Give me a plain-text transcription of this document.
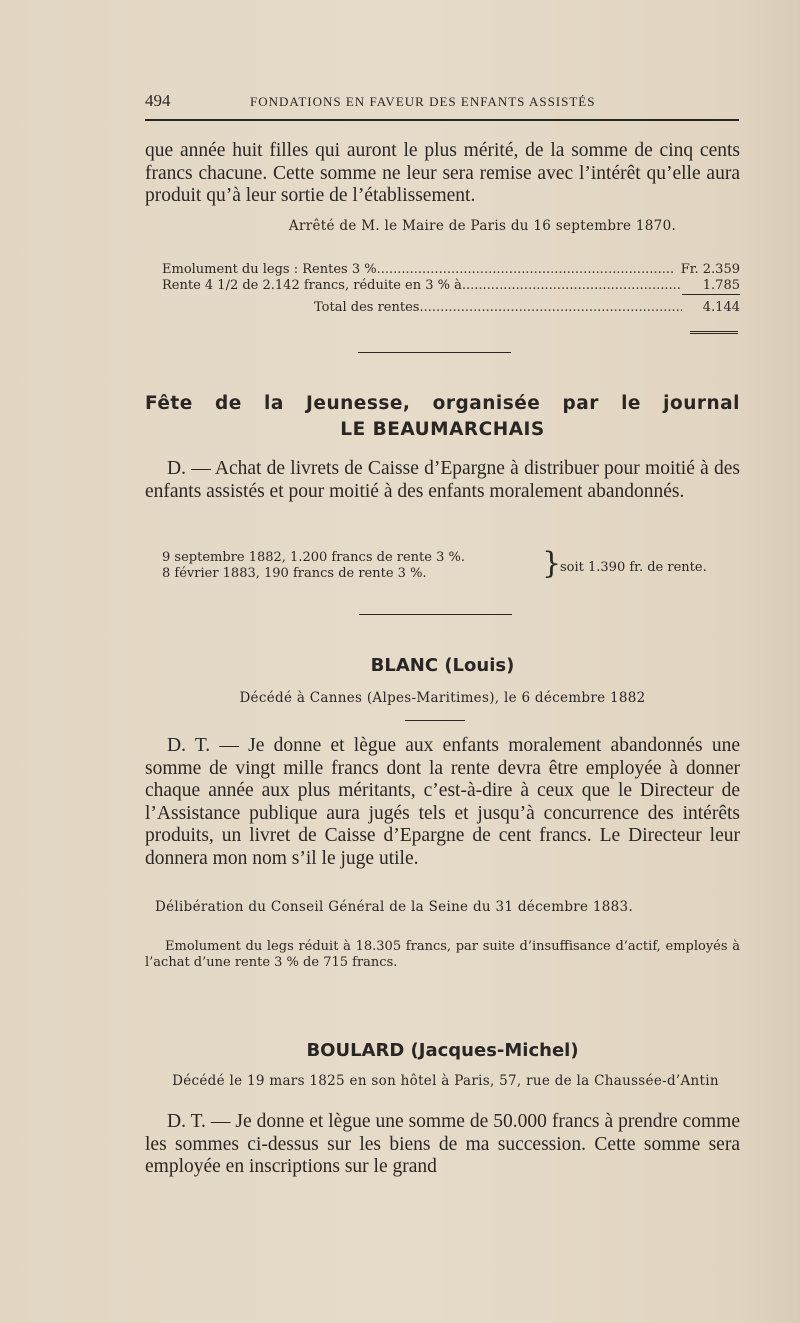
494	FONDATIONS EN FAVEUR DES ENFANTS ASSISTÉS

que année huit filles qui auront le plus mérité, de la somme de cinq cents francs chacune. Cette somme ne leur sera remise avec l’intérêt qu’elle aura produit qu’à leur sortie de l’établissement.

Arrêté de M. le Maire de Paris du 16 septembre 1870.
Emolument du legs : Rentes 3 % .....	Fr. 2.359
Rente 4 1/2 de 2.142 francs, réduite en 3 % à .....	1.785
Total des rentes .....	4.144
Fête de la Jeunesse, organisée par le journal
LE BEAUMARCHAIS

D. — Achat de livrets de Caisse d’Epargne à distribuer pour moitié à des enfants assistés et pour moitié à des enfants moralement abandonnés.

9 septembre 1882, 1.200 francs de rente 3 %.
8 février 1883, 190 francs de rente 3 %.	}
soit 1.390 fr. de rente.
BLANC (Louis)
Décédé à Cannes (Alpes-Maritimes), le 6 décembre 1882

D. T. — Je donne et lègue aux enfants moralement abandonnés une somme de vingt mille francs dont la rente devra être employée à donner chaque année aux plus méritants, c’est-à-dire à ceux que le Directeur de l’Assistance publique aura jugés tels et jusqu’à concurrence des intérêts produits, un livret de Caisse d’Epargne de cent francs. Le Directeur leur donnera mon nom s’il le juge utile.

Délibération du Conseil Général de la Seine du 31 décembre 1883.

Emolument du legs réduit à 18.305 francs, par suite d’insuffisance d’actif, employés à l’achat d’une rente 3 % de 715 francs.

BOULARD (Jacques-Michel)
Décédé le 19 mars 1825 en son hôtel à Paris, 57, rue de la Chaussée-d’Antin

D. T. — Je donne et lègue une somme de 50.000 francs à prendre comme les sommes ci-dessus sur les biens de ma succession. Cette somme sera employée en inscriptions sur le grand
